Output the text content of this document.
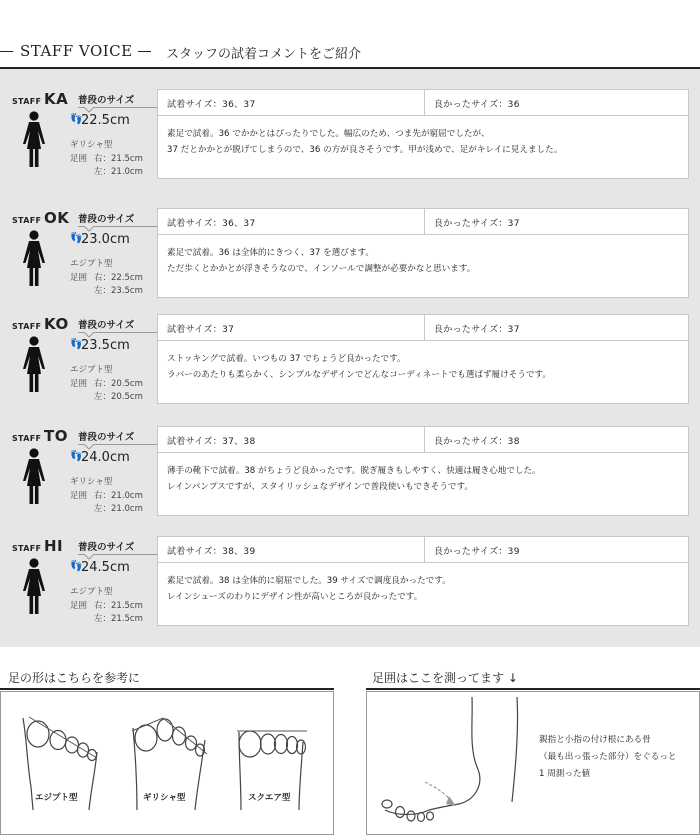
STAFF VOICE	スタッフの試着コメントをご紹介
STAFF KA 普段のサイズ
👣
22.5cm
ギリシャ型
足囲 右：21.5cm
左：21.0cm
試着サイズ：36、37	良かったサイズ：36
素足で試着。36 でかかとはぴったりでした。幅広のため、つま先が窮屈でしたが、
37 だとかかとが脱げてしまうので、36 の方が良さそうです。甲が浅めで、足がキレイに見えました。
STAFF OK 普段のサイズ
👣
23.0cm
エジプト型
足囲 右：22.5cm
左：23.5cm
試着サイズ：36、37	良かったサイズ：37
素足で試着。36 は全体的にきつく、37 を選びます。
ただ歩くとかかとが浮きそうなので、インソールで調整が必要かなと思います。
STAFF KO 普段のサイズ
👣
23.5cm
エジプト型
足囲 右：20.5cm
左：20.5cm
試着サイズ：37	良かったサイズ：37
ストッキングで試着。いつもの 37 でちょうど良かったです。
ラバーのあたりも柔らかく、シンプルなデザインでどんなコーディネートでも選ばず履けそうです。
STAFF TO 普段のサイズ
👣
24.0cm
ギリシャ型
足囲 右：21.0cm
左：21.0cm
試着サイズ：37、38	良かったサイズ：38
薄手の靴下で試着。38 がちょうど良かったです。脱ぎ履きもしやすく、快適は履き心地でした。
レインパンプスですが、スタイリッシュなデザインで普段使いもできそうです。
STAFF HI 普段のサイズ
👣
24.5cm
エジプト型
足囲 右：21.5cm
左：21.5cm
試着サイズ：38、39	良かったサイズ：39
素足で試着。38 は全体的に窮屈でした。39 サイズで調度良かったです。
レインシューズのわりにデザイン性が高いところが良かったです。
足の形はこちらを参考に
エジプト型	ギリシャ型	スクエア型
足囲はここを測ってます ↓
親指と小指の付け根にある骨
（最も出っ張った部分）をぐるっと
1 周測った値
